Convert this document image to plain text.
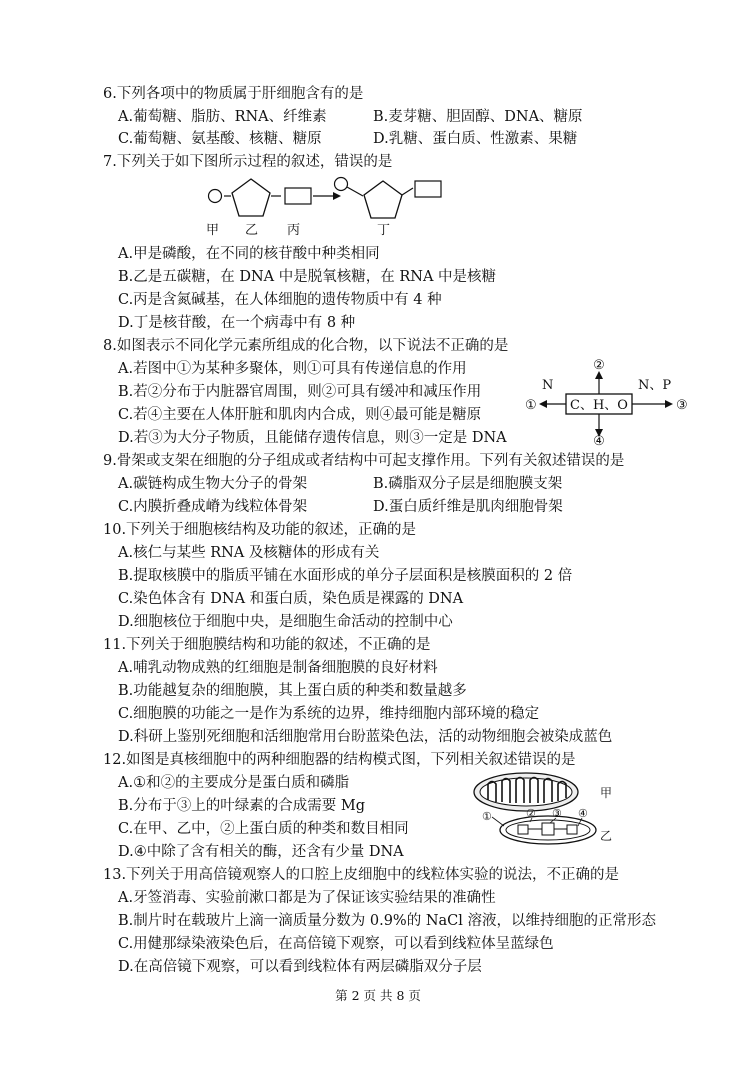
6.下列各项中的物质属于肝细胞含有的是
A.葡萄糖、脂肪、RNA、纤维素	B.麦芽糖、胆固醇、DNA、糖原
C.葡萄糖、氨基酸、核糖、糖原	D.乳糖、蛋白质、性激素、果糖
7.下列关于如下图所示过程的叙述，错误的是
甲 乙 丙	丁
A.甲是磷酸，在不同的核苷酸中种类相同
B.乙是五碳糖，在 DNA 中是脱氧核糖，在 RNA 中是核糖
C.丙是含氮碱基，在人体细胞的遗传物质中有 4 种
D.丁是核苷酸，在一个病毒中有 8 种
8.如图表示不同化学元素所组成的化合物，以下说法不正确的是
A.若图中①为某种多聚体，则①可具有传递信息的作用
B.若②分布于内脏器官周围，则②可具有缓冲和减压作用
C.若④主要在人体肝脏和肌肉内合成，则④最可能是糖原
D.若③为大分子物质，且能储存遗传信息，则③一定是 DNA
C、H、O
②
④
①
N
③
N、P
9.骨架或支架在细胞的分子组成或者结构中可起支撑作用。下列有关叙述错误的是
A.碳链构成生物大分子的骨架	B.磷脂双分子层是细胞膜支架
C.内膜折叠成嵴为线粒体骨架	D.蛋白质纤维是肌肉细胞骨架
10.下列关于细胞核结构及功能的叙述，正确的是
A.核仁与某些 RNA 及核糖体的形成有关
B.提取核膜中的脂质平铺在水面形成的单分子层面积是核膜面积的 2 倍
C.染色体含有 DNA 和蛋白质，染色质是裸露的 DNA
D.细胞核位于细胞中央，是细胞生命活动的控制中心
11.下列关于细胞膜结构和功能的叙述，不正确的是
A.哺乳动物成熟的红细胞是制备细胞膜的良好材料
B.功能越复杂的细胞膜，其上蛋白质的种类和数量越多
C.细胞膜的功能之一是作为系统的边界，维持细胞内部环境的稳定
D.科研上鉴别死细胞和活细胞常用台盼蓝染色法，活的动物细胞会被染成蓝色
12.如图是真核细胞中的两种细胞器的结构模式图，下列相关叙述错误的是
A.①和②的主要成分是蛋白质和磷脂
B.分布于③上的叶绿素的合成需要 Mg
C.在甲、乙中，②上蛋白质的种类和数目相同
D.④中除了含有相关的酶，还含有少量 DNA
甲
乙
①	② ③ ④
13.下列关于用高倍镜观察人的口腔上皮细胞中的线粒体实验的说法，不正确的是
A.牙签消毒、实验前漱口都是为了保证该实验结果的准确性
B.制片时在载玻片上滴一滴质量分数为 0.9%的 NaCl 溶液，以维持细胞的正常形态
C.用健那绿染液染色后，在高倍镜下观察，可以看到线粒体呈蓝绿色
D.在高倍镜下观察，可以看到线粒体有两层磷脂双分子层
第 2 页 共 8 页
